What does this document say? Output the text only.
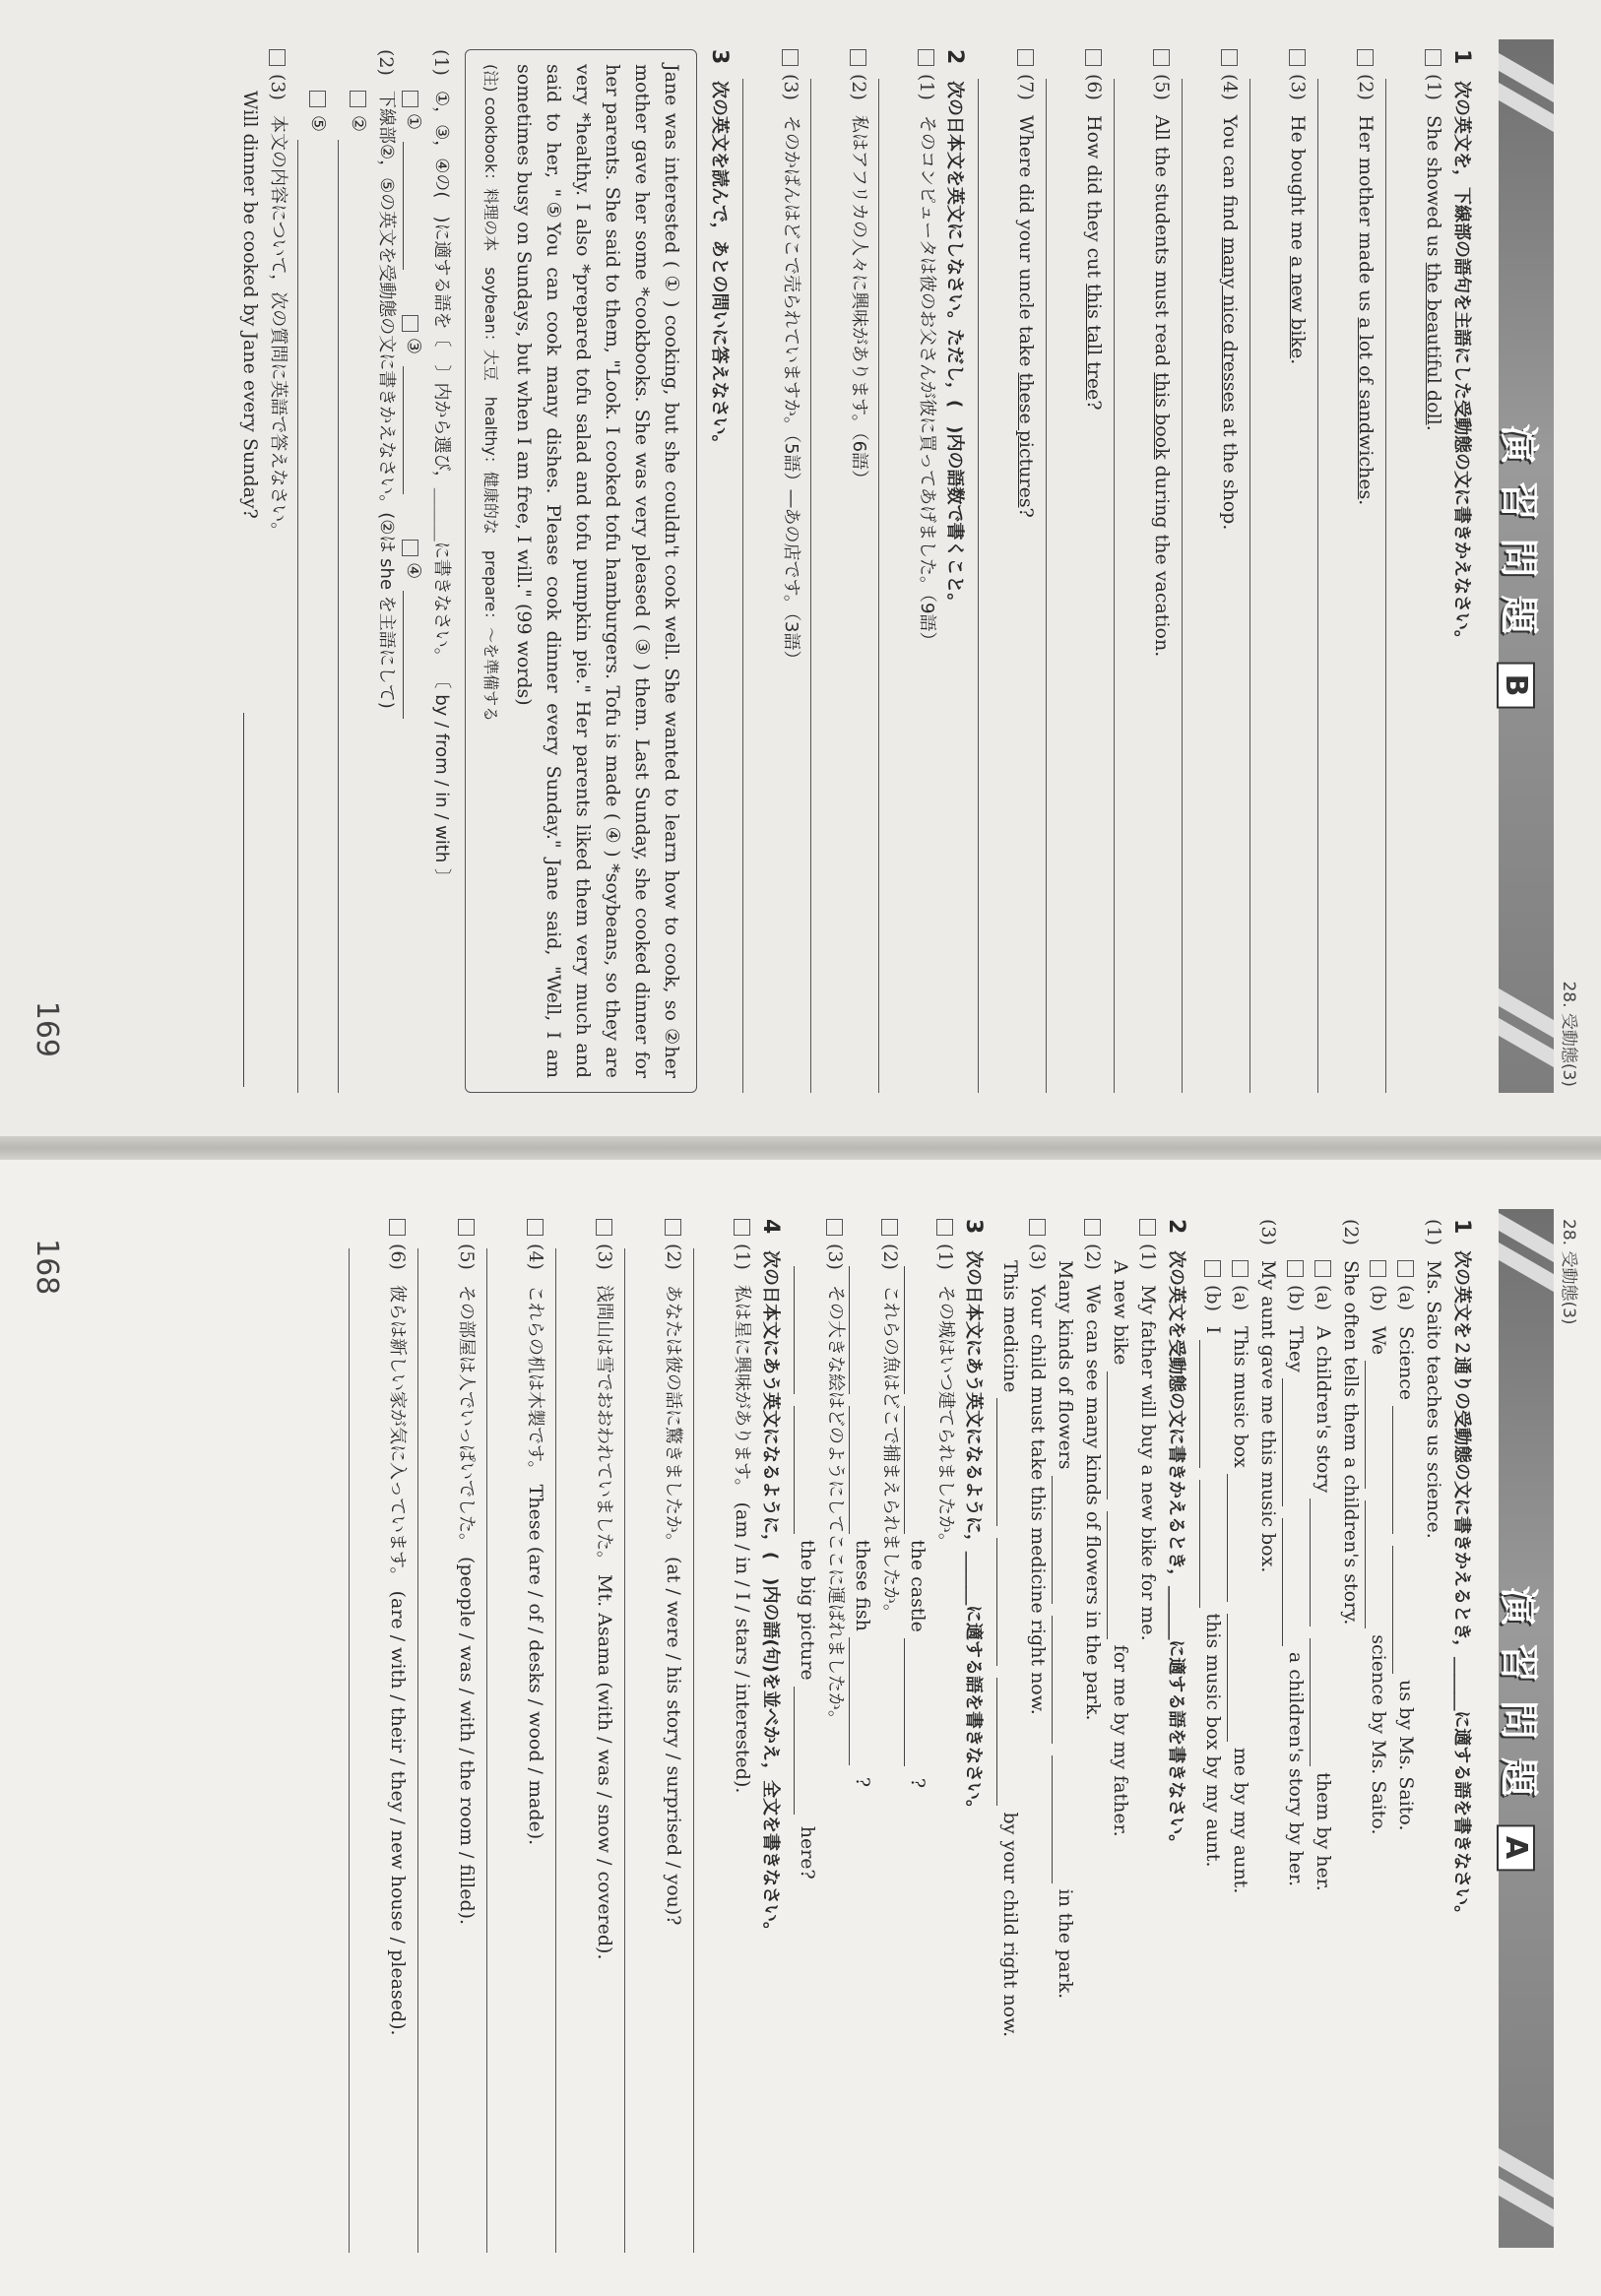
28. 受動態(3)
演習問題B
1
次の英文を，下線部の語句を主語にした受動態の文に書きかえなさい。
(1)
She showed us the beautiful doll.
(2)
Her mother made us a lot of sandwiches.
(3)
He bought me a new bike.
(4)
You can find many nice dresses at the shop.
(5)
All the students must read this book during the vacation.
(6)
How did they cut this tall tree?
(7)
Where did your uncle take these pictures?
2
次の日本文を英文にしなさい。ただし，(　)内の語数で書くこと。
(1)
そのコンピュータは彼のお父さんが彼に買ってあげました。（9語）
(2)
私はアフリカの人々に興味があります。（6語）
(3)
そのかばんはどこで売られていますか。（5語）―あの店です。（3語）
3
次の英文を読んで，あとの問いに答えなさい。
Jane was interested ( ① ) cooking, but she couldn't cook well. She wanted to learn how to cook, so ②her mother gave her some *cookbooks. She was very pleased ( ③ ) them. Last Sunday, she cooked dinner for her parents. She said to them, "Look. I cooked tofu hamburgers. Tofu is made ( ④ ) *soybeans, so they are very *healthy. I also *prepared tofu salad and tofu pumpkin pie." Her parents liked them very much and said to her, "⑤You can cook many dishes. Please cook dinner every Sunday." Jane said, "Well, I am sometimes busy on Sundays, but when I am free, I will." (99 words)
(注) cookbook：料理の本　soybean：大豆　healthy：健康的な　prepare：～を準備する
(1)
①，③，④の(　)に適する語を〔　〕内から選び，＿＿＿に書きなさい。 〔 by / from / in / with 〕
①
③
④
(2)
下線部②，⑤の英文を受動態の文に書きかえなさい。(②は she を主語にして)
②
⑤
(3)
本文の内容について，次の質問に英語で答えなさい。
Will dinner be cooked by Jane every Sunday?
169
28. 受動態(3)
演習問題A
1
次の英文を２通りの受動態の文に書きかえるとき，＿＿＿に適する語を書きなさい。
(1)
Ms. Saito teaches us science.
(a)
Scienceus by Ms. Saito.
(b)
Wescience by Ms. Saito.
(2)
She often tells them a children's story.
(a)
A children's storythem by her.
(b)
Theya children's story by her.
(3)
My aunt gave me this music box.
(a)
This music boxme by my aunt.
(b)
Ithis music box by my aunt.
2
次の英文を受動態の文に書きかえるとき，＿＿＿に適する語を書きなさい。
(1)
My father will buy a new bike for me.
A new bikefor me by my father.
(2)
We can see many kinds of flowers in the park.
Many kinds of flowersin the park.
(3)
Your child must take this medicine right now.
This medicineby your child right now.
3
次の日本文にあう英文になるように，＿＿＿に適する語を書きなさい。
(1)
その城はいつ建てられましたか。
the castle ?
(2)
これらの魚はどこで捕まえられましたか。
these fish ?
(3)
その大きな絵はどのようにしてここに運ばれましたか。
the big picture here?
4
次の日本文にあう英文になるように，(　)内の語(句)を並べかえ，全文を書きなさい。
(1)
私は星に興味があります。 (am / in / I / stars / interested).
(2)
あなたは彼の話に驚きましたか。 (at / were / his story / surprised / you)?
(3)
浅間山は雪でおおわれていました。 Mt. Asama (with / was / snow / covered).
(4)
これらの机は木製です。 These (are / of / desks / wood / made).
(5)
その部屋は人でいっぱいでした。 (people / was / with / the room / filled).
(6)
彼らは新しい家が気に入っています。 (are / with / their / they / new house / pleased).
168
